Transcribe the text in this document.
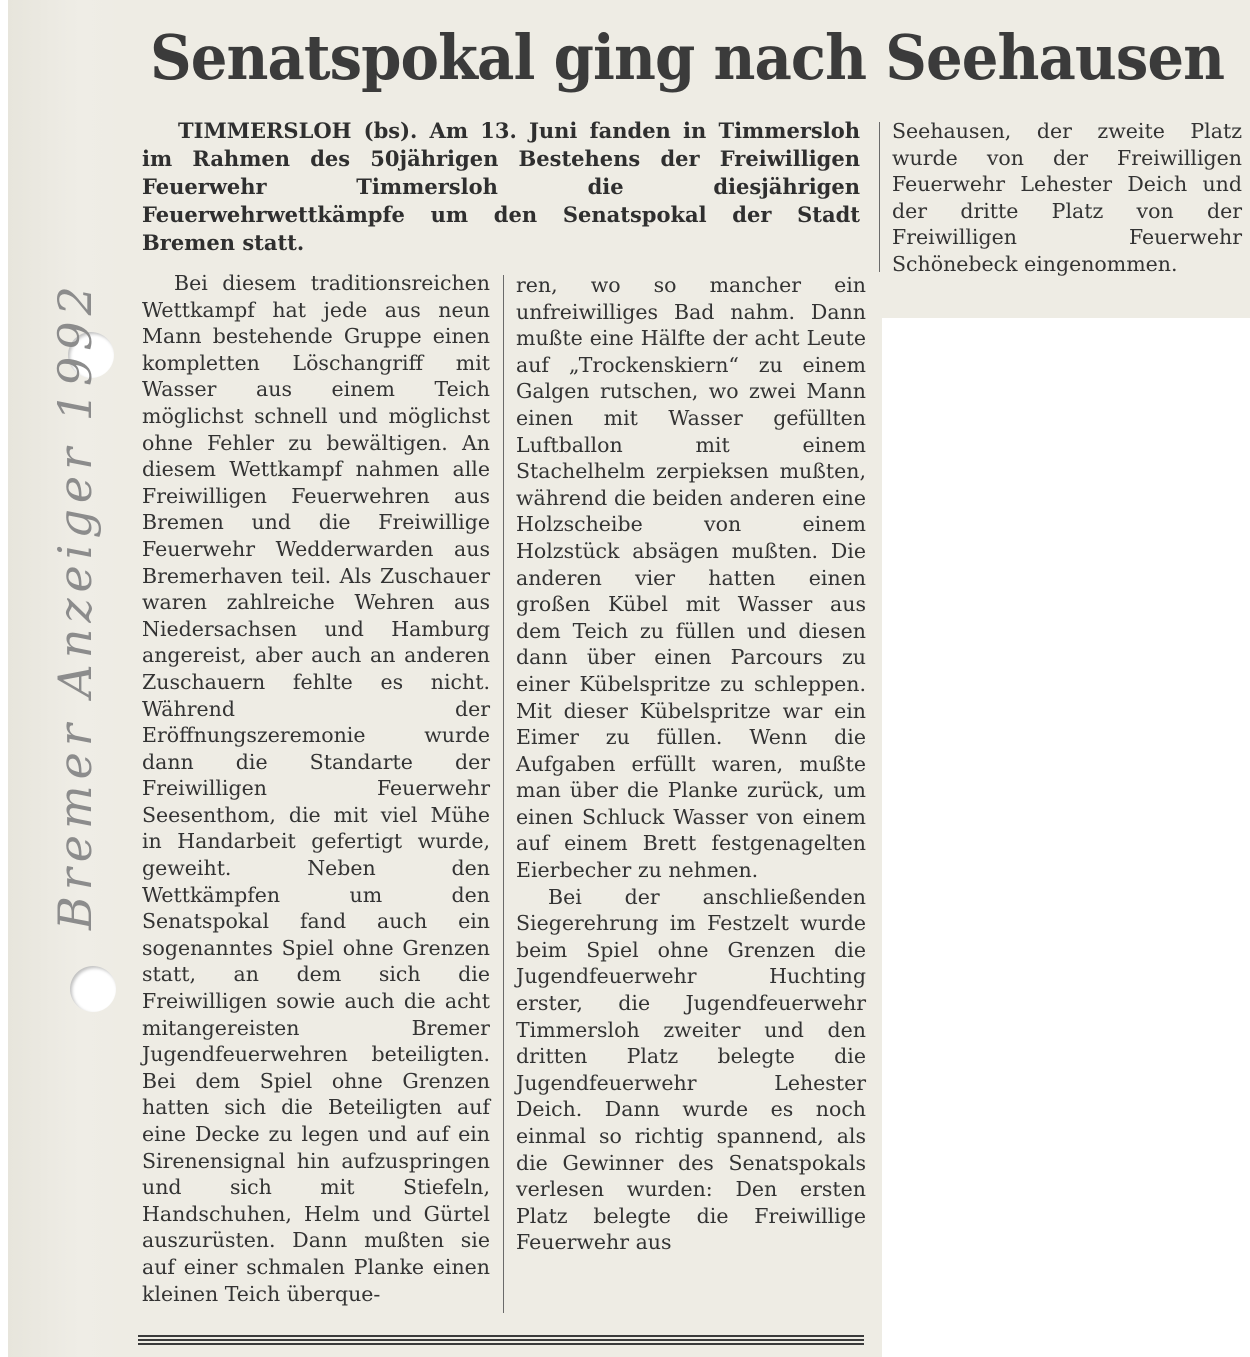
Bremer Anzeiger 1992
Senatspokal ging nach Seehausen
TIMMERSLOH (bs). Am 13. Juni fanden in Timmersloh im Rahmen des 50jährigen Bestehens der Freiwilligen Feuerwehr Timmersloh die diesjährigen Feuerwehrwettkämpfe um den Senatspokal der Stadt Bremen statt.

Bei diesem traditionsreichen Wettkampf hat jede aus neun Mann bestehende Gruppe einen kompletten Löschangriff mit Wasser aus einem Teich möglichst schnell und möglichst ohne Fehler zu bewältigen. An diesem Wettkampf nahmen alle Freiwilligen Feuerwehren aus Bremen und die Freiwillige Feuerwehr Wedderwarden aus Bremerhaven teil. Als Zuschauer waren zahlreiche Wehren aus Niedersachsen und Hamburg angereist, aber auch an anderen Zuschauern fehlte es nicht. Während der Eröffnungszeremonie wurde dann die Standarte der Freiwilligen Feuerwehr Seesenthom, die mit viel Mühe in Handarbeit gefertigt wurde, geweiht. Neben den Wettkämpfen um den Senatspokal fand auch ein sogenanntes Spiel ohne Grenzen statt, an dem sich die Freiwilligen sowie auch die acht mitangereisten Bremer Jugendfeuerwehren beteiligten. Bei dem Spiel ohne Grenzen hatten sich die Beteiligten auf eine Decke zu legen und auf ein Sirenensignal hin aufzuspringen und sich mit Stiefeln, Handschuhen, Helm und Gürtel auszurüsten. Dann mußten sie auf einer schmalen Planke einen kleinen Teich überque-

ren, wo so mancher ein unfreiwilliges Bad nahm. Dann mußte eine Hälfte der acht Leute auf „Trockenskiern“ zu einem Galgen rutschen, wo zwei Mann einen mit Wasser gefüllten Luftballon mit einem Stachelhelm zerpieksen mußten, während die beiden anderen eine Holzscheibe von einem Holzstück absägen mußten. Die anderen vier hatten einen großen Kübel mit Wasser aus dem Teich zu füllen und diesen dann über einen Parcours zu einer Kübelspritze zu schleppen. Mit dieser Kübelspritze war ein Eimer zu füllen. Wenn die Aufgaben erfüllt waren, mußte man über die Planke zurück, um einen Schluck Wasser von einem auf einem Brett festgenagelten Eierbecher zu nehmen.

Bei der anschließenden Siegerehrung im Festzelt wurde beim Spiel ohne Grenzen die Jugendfeuerwehr Huchting erster, die Jugendfeuerwehr Timmersloh zweiter und den dritten Platz belegte die Jugendfeuerwehr Lehester Deich. Dann wurde es noch einmal so richtig spannend, als die Gewinner des Senatspokals verlesen wurden: Den ersten Platz belegte die Freiwillige Feuerwehr aus

Seehausen, der zweite Platz wurde von der Freiwilligen Feuerwehr Lehester Deich und der dritte Platz von der Freiwilligen Feuerwehr Schönebeck eingenommen.
